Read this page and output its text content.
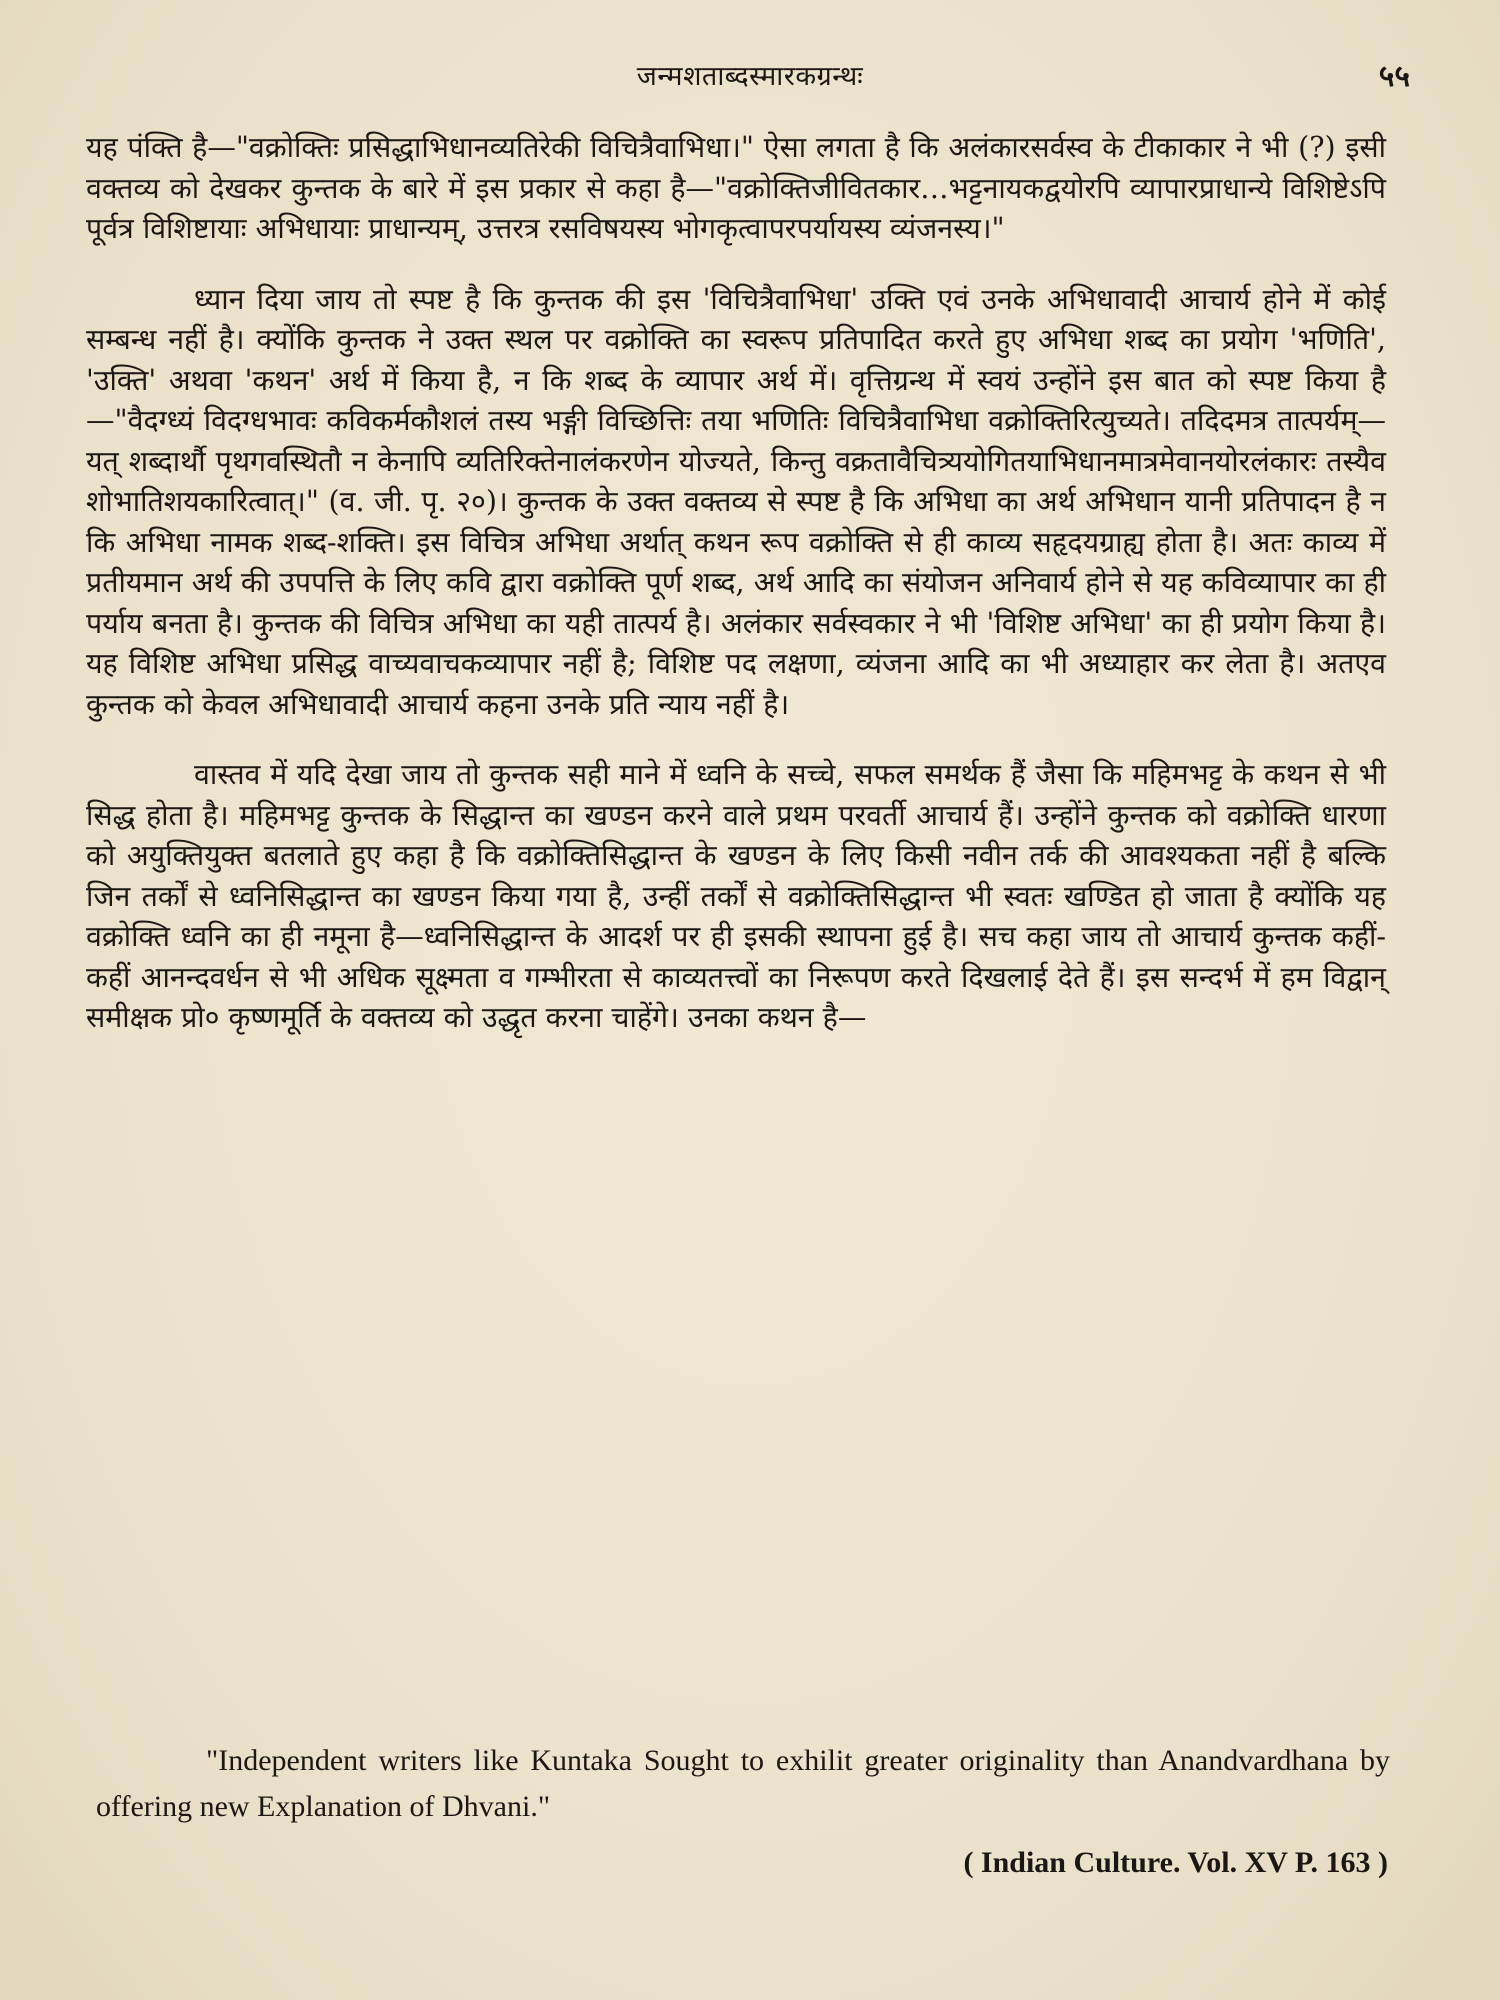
जन्मशताब्दस्मारकग्रन्थः	५५

यह पंक्ति है—"वक्रोक्तिः प्रसिद्धाभिधानव्यतिरेकी विचित्रैवाभिधा।" ऐसा लगता है कि अलंकारसर्वस्व के टीकाकार ने भी (?) इसी वक्तव्य को देखकर कुन्तक के बारे में इस प्रकार से कहा है—"वक्रोक्तिजीवितकार…भट्टनायकद्वयोरपि व्यापारप्राधान्ये विशिष्टेऽपि पूर्वत्र विशिष्टायाः अभिधायाः प्राधान्यम्, उत्तरत्र रसविषयस्य भोगकृत्वापरपर्यायस्य व्यंजनस्य।"

ध्यान दिया जाय तो स्पष्ट है कि कुन्तक की इस 'विचित्रैवाभिधा' उक्ति एवं उनके अभिधावादी आचार्य होने में कोई सम्बन्ध नहीं है। क्योंकि कुन्तक ने उक्त स्थल पर वक्रोक्ति का स्वरूप प्रतिपादित करते हुए अभिधा शब्द का प्रयोग 'भणिति', 'उक्ति' अथवा 'कथन' अर्थ में किया है, न कि शब्द के व्यापार अर्थ में। वृत्तिग्रन्थ में स्वयं उन्होंने इस बात को स्पष्ट किया है—"वैदग्ध्यं विदग्धभावः कविकर्मकौशलं तस्य भङ्गी विच्छित्तिः तया भणितिः विचित्रैवाभिधा वक्रोक्तिरित्युच्यते। तदिदमत्र तात्पर्यम्—यत् शब्दार्थौ पृथगवस्थितौ न केनापि व्यतिरिक्तेनालंकरणेन योज्यते, किन्तु वक्रतावैचित्र्ययोगितयाभिधानमात्रमेवानयोरलंकारः तस्यैव शोभातिशयकारित्वात्।" (व. जी. पृ. २०)। कुन्तक के उक्त वक्तव्य से स्पष्ट है कि अभिधा का अर्थ अभिधान यानी प्रतिपादन है न कि अभिधा नामक शब्द-शक्ति। इस विचित्र अभिधा अर्थात् कथन रूप वक्रोक्ति से ही काव्य सहृदयग्राह्य होता है। अतः काव्य में प्रतीयमान अर्थ की उपपत्ति के लिए कवि द्वारा वक्रोक्ति पूर्ण शब्द, अर्थ आदि का संयोजन अनिवार्य होने से यह कविव्यापार का ही पर्याय बनता है। कुन्तक की विचित्र अभिधा का यही तात्पर्य है। अलंकार सर्वस्वकार ने भी 'विशिष्ट अभिधा' का ही प्रयोग किया है। यह विशिष्ट अभिधा प्रसिद्ध वाच्यवाचकव्यापार नहीं है; विशिष्ट पद लक्षणा, व्यंजना आदि का भी अध्याहार कर लेता है। अतएव कुन्तक को केवल अभिधावादी आचार्य कहना उनके प्रति न्याय नहीं है।

वास्तव में यदि देखा जाय तो कुन्तक सही माने में ध्वनि के सच्चे, सफल समर्थक हैं जैसा कि महिमभट्ट के कथन से भी सिद्ध होता है। महिमभट्ट कुन्तक के सिद्धान्त का खण्डन करने वाले प्रथम परवर्ती आचार्य हैं। उन्होंने कुन्तक को वक्रोक्ति धारणा को अयुक्तियुक्त बतलाते हुए कहा है कि वक्रोक्तिसिद्धान्त के खण्डन के लिए किसी नवीन तर्क की आवश्यकता नहीं है बल्कि जिन तर्कों से ध्वनिसिद्धान्त का खण्डन किया गया है, उन्हीं तर्कों से वक्रोक्तिसिद्धान्त भी स्वतः खण्डित हो जाता है क्योंकि यह वक्रोक्ति ध्वनि का ही नमूना है—ध्वनिसिद्धान्त के आदर्श पर ही इसकी स्थापना हुई है। सच कहा जाय तो आचार्य कुन्तक कहीं-कहीं आनन्दवर्धन से भी अधिक सूक्ष्मता व गम्भीरता से काव्यतत्त्वों का निरूपण करते दिखलाई देते हैं। इस सन्दर्भ में हम विद्वान् समीक्षक प्रो० कृष्णमूर्ति के वक्तव्य को उद्धृत करना चाहेंगे। उनका कथन है—

"Independent writers like Kuntaka Sought to exhilit greater originality than Anandvardhana by offering new Explanation of Dhvani."

( Indian Culture. Vol. XV P. 163 )
